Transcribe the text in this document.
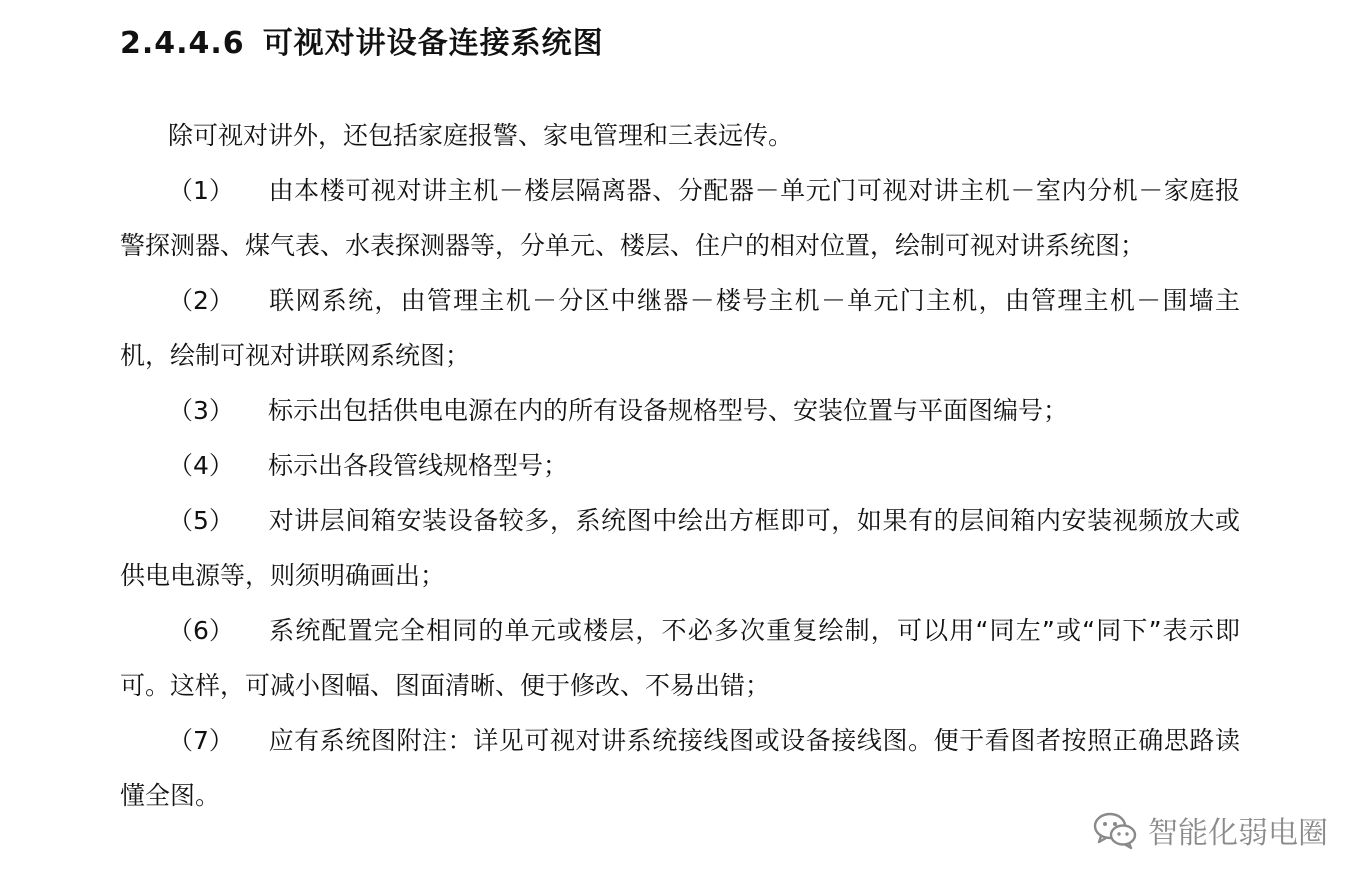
2.4.4.6 可视对讲设备连接系统图

除可视对讲外，还包括家庭报警、家电管理和三表远传。

（1） 由本楼可视对讲主机－楼层隔离器、分配器－单元门可视对讲主机－室内分机－家庭报警探测器、煤气表、水表探测器等，分单元、楼层、住户的相对位置，绘制可视对讲系统图；

（2） 联网系统，由管理主机－分区中继器－楼号主机－单元门主机，由管理主机－围墙主机，绘制可视对讲联网系统图；

（3） 标示出包括供电电源在内的所有设备规格型号、安装位置与平面图编号；

（4） 标示出各段管线规格型号；

（5） 对讲层间箱安装设备较多，系统图中绘出方框即可，如果有的层间箱内安装视频放大或供电电源等，则须明确画出；

（6） 系统配置完全相同的单元或楼层，不必多次重复绘制，可以用“同左”或“同下”表示即可。这样，可减小图幅、图面清晰、便于修改、不易出错；

（7） 应有系统图附注：详见可视对讲系统接线图或设备接线图。便于看图者按照正确思路读懂全图。

智能化弱电圈
